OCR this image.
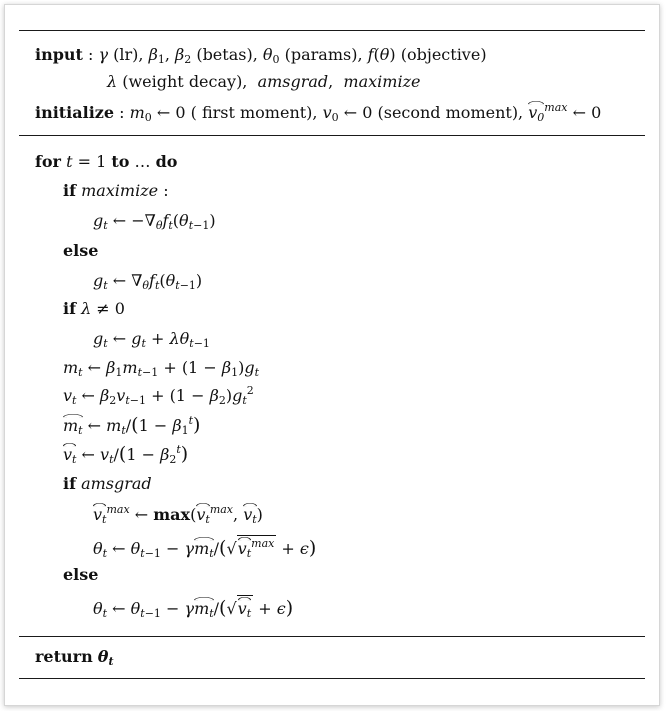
input : γ (lr), $\beta_1$, $\beta_2$ (betas), $\theta_0$ (params), f(θ) (objective)
λ (weight decay),  amsgrad,  maximize
initialize : $m_0$ ← 0 ( first moment), $v_0$ ← 0 (second moment), $v_0^{max}$ ← 0
for t = 1 to … do
if maximize :
$g_t$ ← $-\nabla_\theta f_t(\theta_{t-1})$
else
$g_t$ ← $\nabla_\theta f_t(\theta_{t-1})$
if λ ≠ 0
$g_t$ ← $g_t + \lambda\theta_{t-1}$
$m_t$ ← $\beta_1m_{t-1} + (1 - \beta_1)g_t$
$v_t$ ← $\beta_2v_{t-1} + (1 - \beta_2)g_t^2$
$m_t$ ← $m_t/(1 - \beta_1^t)$
$v_t$ ← $v_t/(1 - \beta_2^t)$
if amsgrad
$v_t^{max}$ ← $\max(v_t^{max}$, $v_t$)
$\theta_t$ ← $\theta_{t-1} - \gamma m_t/(√v_t^{max} + \epsilon)$
else
$\theta_t$ ← $\theta_{t-1} - \gamma m_t/(√v_t + \epsilon)$
return $\theta_t$
